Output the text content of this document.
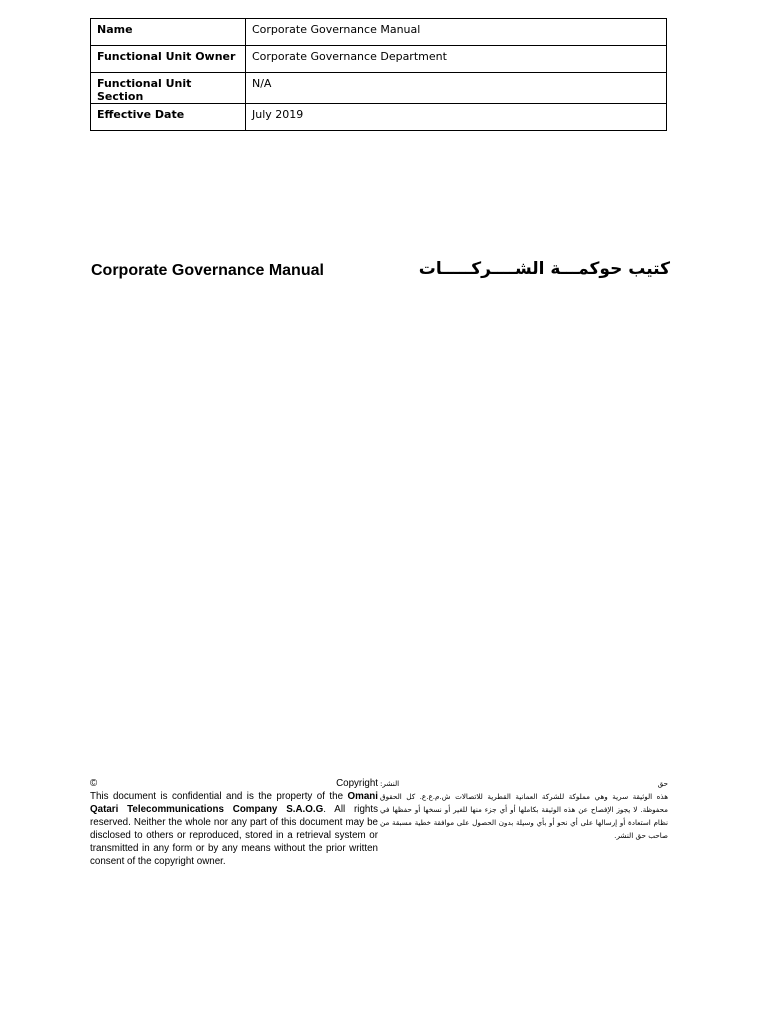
Name	Corporate Governance Manual
Functional Unit Owner	Corporate Governance Department
Functional Unit Section	N/A
Effective Date	July 2019
Corporate Governance Manual	كتيب حوكمـــة الشــــركـــــات
©	Copyright
This document is confidential and is the property of the Omani Qatari Telecommunications Company S.A.O.G. All rights reserved. Neither the whole nor any part of this document may be disclosed to others or reproduced, stored in a retrieval system or transmitted in any form or by any means without the prior written consent of the copyright owner.
حق
النشر:
هذه الوثيقة سرية وهي مملوكة للشركة العمانية القطرية للاتصالات ش.م.ع.ع. كل الحقوق محفوظة. لا يجوز الإفصاح عن هذه الوثيقة بكاملها أو أي جزء منها للغير أو نسخها أو حفظها في نظام استعادة أو إرسالها على أي نحو أو بأي وسيلة بدون الحصول على موافقة خطية مسبقة من صاحب حق النشر.
